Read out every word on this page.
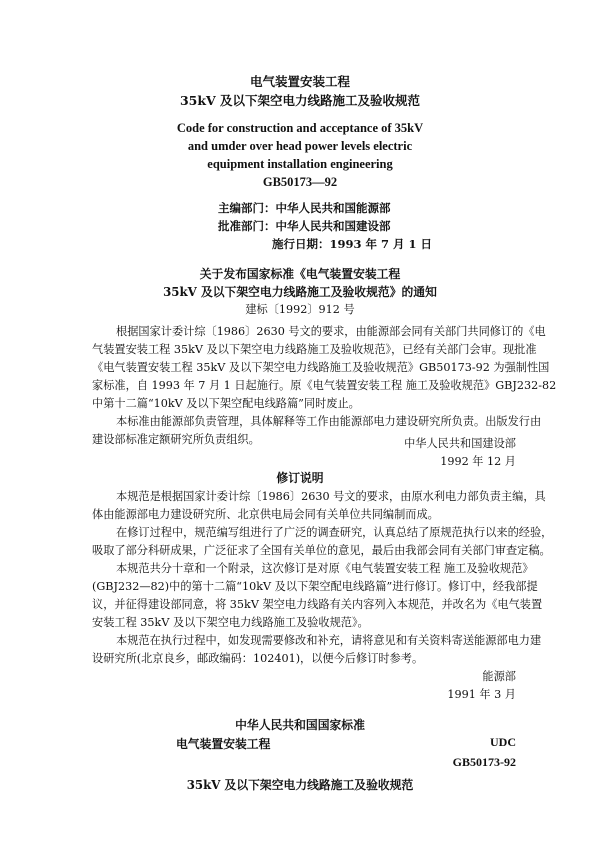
电气装置安装工程
35kV 及以下架空电力线路施工及验收规范
Code for construction and acceptance of 35kV
and umder over head power levels electric
equipment installation engineering
GB50173—92
主编部门：中华人民共和国能源部
批准部门：中华人民共和国建设部
施行日期：1993 年 7 月 1 日
关于发布国家标准《电气装置安装工程
35kV 及以下架空电力线路施工及验收规范》的通知
建标〔1992〕912 号
根据国家计委计综〔1986〕2630 号文的要求，由能源部会同有关部门共同修订的《电
气装置安装工程 35kV 及以下架空电力线路施工及验收规范》，已经有关部门会审。现批准
《电气装置安装工程 35kV 及以下架空电力线路施工及验收规范》GB50173-92 为强制性国
家标准，自 1993 年 7 月 1 日起施行。原《电气装置安装工程 施工及验收规范》GBJ232-82
中第十二篇“10kV 及以下架空配电线路篇”同时废止。
本标准由能源部负责管理，具体解释等工作由能源部电力建设研究所负责。出版发行由
建设部标准定额研究所负责组织。	中华人民共和国建设部
1992 年 12 月
修订说明
本规范是根据国家计委计综〔1986〕2630 号文的要求，由原水利电力部负责主编，具
体由能源部电力建设研究所、北京供电局会同有关单位共同编制而成。
在修订过程中，规范编写组进行了广泛的调查研究，认真总结了原规范执行以来的经验，
吸取了部分科研成果，广泛征求了全国有关单位的意见，最后由我部会同有关部门审查定稿。
本规范共分十章和一个附录，这次修订是对原《电气装置安装工程 施工及验收规范》
(GBJ232—82)中的第十二篇“10kV 及以下架空配电线路篇”进行修订。修订中，经我部提
议，并征得建设部同意，将 35kV 架空电力线路有关内容列入本规范，并改名为《电气装置
安装工程 35kV 及以下架空电力线路施工及验收规范》。
本规范在执行过程中，如发现需要修改和补充，请将意见和有关资料寄送能源部电力建
设研究所(北京良乡，邮政编码：102401)，以便今后修订时参考。
能源部
1991 年 3 月
中华人民共和国国家标准
电气装置安装工程	UDC
GB50173-92
35kV 及以下架空电力线路施工及验收规范
